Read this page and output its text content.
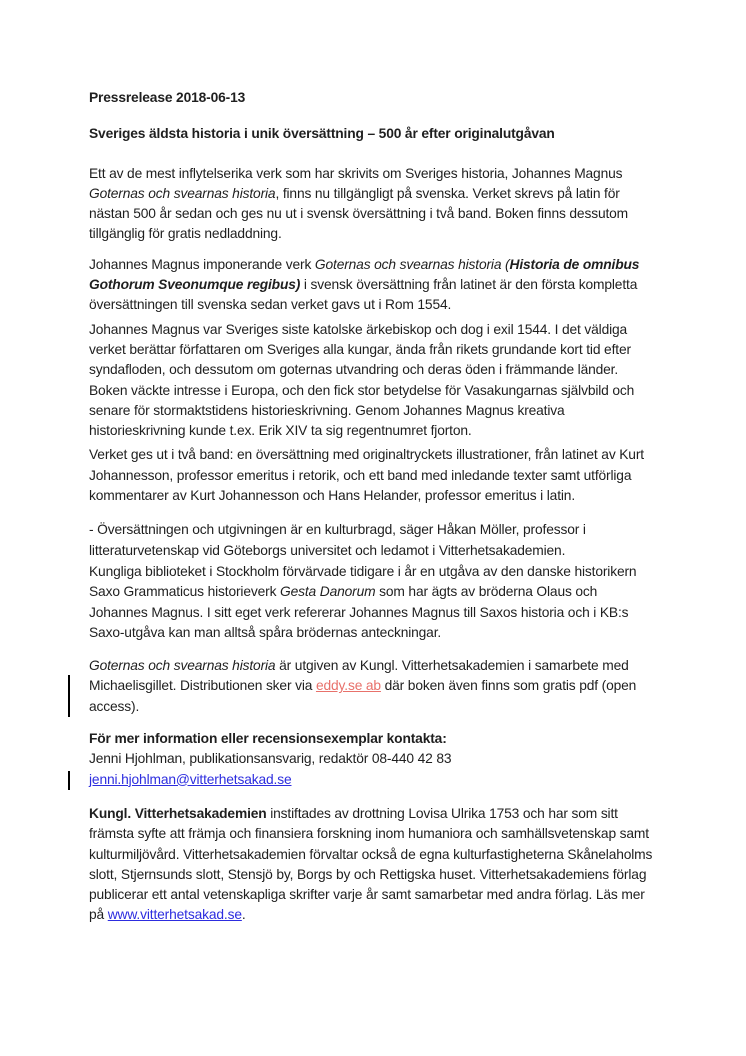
Pressrelease 2018-06-13

Sveriges äldsta historia i unik översättning – 500 år efter originalutgåvan

Ett av de mest inflytelserika verk som har skrivits om Sveriges historia, Johannes Magnus Goternas och svearnas historia, finns nu tillgängligt på svenska. Verket skrevs på latin för nästan 500 år sedan och ges nu ut i svensk översättning i två band. Boken finns dessutom tillgänglig för gratis nedladdning.

Johannes Magnus imponerande verk Goternas och svearnas historia (Historia de omnibus Gothorum Sveonumque regibus) i svensk översättning från latinet är den första kompletta översättningen till svenska sedan verket gavs ut i Rom 1554.

Johannes Magnus var Sveriges siste katolske ärkebiskop och dog i exil 1544. I det väldiga verket berättar författaren om Sveriges alla kungar, ända från rikets grundande kort tid efter syndafloden, och dessutom om goternas utvandring och deras öden i främmande länder. Boken väckte intresse i Europa, och den fick stor betydelse för Vasakungarnas självbild och senare för stormaktstidens historieskrivning. Genom Johannes Magnus kreativa historieskrivning kunde t.ex. Erik XIV ta sig regentnumret fjorton.

Verket ges ut i två band: en översättning med originaltryckets illustrationer, från latinet av Kurt Johannesson, professor emeritus i retorik, och ett band med inledande texter samt utförliga kommentarer av Kurt Johannesson och Hans Helander, professor emeritus i latin.

- Översättningen och utgivningen är en kulturbragd, säger Håkan Möller, professor i litteraturvetenskap vid Göteborgs universitet och ledamot i Vitterhetsakademien.

Kungliga biblioteket i Stockholm förvärvade tidigare i år en utgåva av den danske historikern Saxo Grammaticus historieverk Gesta Danorum som har ägts av bröderna Olaus och Johannes Magnus. I sitt eget verk refererar Johannes Magnus till Saxos historia och i KB:s Saxo-utgåva kan man alltså spåra brödernas anteckningar.

Goternas och svearnas historia är utgiven av Kungl. Vitterhetsakademien i samarbete med Michaelisgillet. Distributionen sker via eddy.se ab där boken även finns som gratis pdf (open access).

För mer information eller recensionsexemplar kontakta:

Jenni Hjohlman, publikationsansvarig, redaktör 08-440 42 83

jenni.hjohlman@vitterhetsakad.se

Kungl. Vitterhetsakademien instiftades av drottning Lovisa Ulrika 1753 och har som sitt främsta syfte att främja och finansiera forskning inom humaniora och samhällsvetenskap samt kulturmiljövård. Vitterhetsakademien förvaltar också de egna kulturfastigheterna Skånelaholms slott, Stjernsunds slott, Stensjö by, Borgs by och Rettigska huset. Vitterhetsakademiens förlag publicerar ett antal vetenskapliga skrifter varje år samt samarbetar med andra förlag. Läs mer på www.vitterhetsakad.se.
